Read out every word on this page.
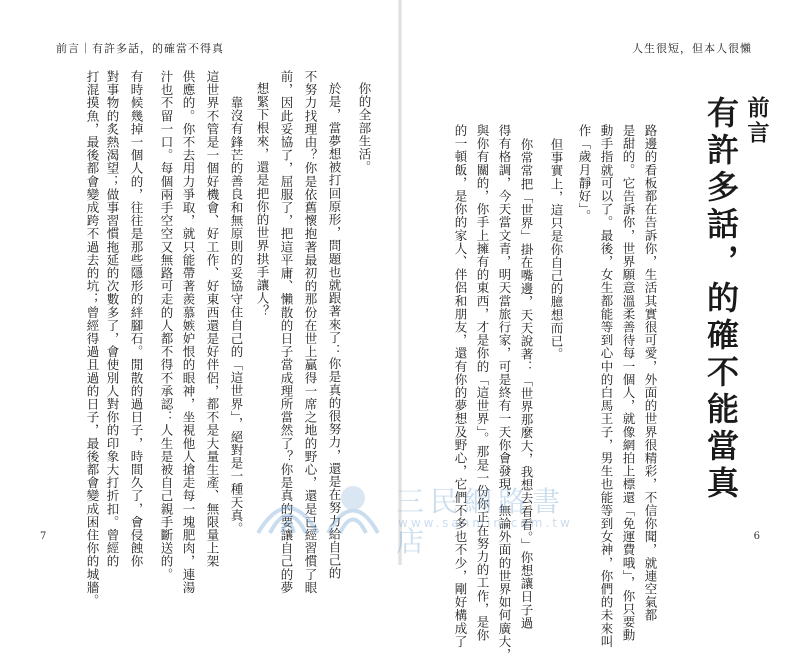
前言｜有許多話，的確當不得真
7	打混摸魚，最後都會變成跨不過去的坑；曾經得過且過的日子，最後都會變成困住你的城牆。 對事物的炙熱渴望；做事習慣拖延的次數多了，會使別人對你的印象大打折扣。曾經的 有時候幾掉一個人的，往往是那些隱形的絆腳石。閒散的過日子，時間久了，會侵蝕你 汁也不留一口。每個兩手空空又無路可走的人都不得不承認：人生是被自己親手斷送的。 供應的。你不去用力爭取，就只能帶著羨慕嫉妒恨的眼神，坐視他人搶走每一塊肥肉，連湯 這世界不管是一個好機會、好工作、好東西還是好伴侶，都不是大量生產、無限量上架 靠沒有鋒芒的善良和無原則的妥協守住自己的「這世界」，絕對是一種天真。 想緊下根來，還是把你的世界拱手讓人？ 前，因此妥協了，屈服了，把這平庸、懶散的日子當成理所當然了？你是真的要讓自己的夢 不努力找理由？你是依舊懷抱著最初的那份在世上贏得一席之地的野心，還是已經習慣了眼 於是，當夢想被打回原形，問題也就跟著來了：你是真的很努力，還是在努力給自己的 你的全部生活。
人生很短，但本人很懶
6
前言
有許多話，的確不能當真
路邊的看板都在告訴你，生活其實很可愛，外面的世界很精彩，不信你聞，就連空氣都
是甜的。它告訴你，世界願意溫柔善待每一個人，就像網拍上標還「免運費哦」，你只要動
動手指就可以了。最後，女生都能等到心中的白馬王子，男生也能等到女神，你們的未來叫
作「歲月靜好」。
但事實上，這只是你自己的臆想而已。
你常常把「世界」掛在嘴邊，天天說著：「世界那麼大，我想去看看。」你想讓日子過
得有格調，今天當文青，明天當旅行家，可是終有一天你會發現，無論外面的世界如何廣大，
與你有關的，你手上擁有的東西，才是你的「這世界」。那是一份你正在努力的工作，是你
的一頓飯，是你的家人、伴侶和朋友，還有你的夢想及野心，它們不多也不少，剛好構成了
三民網路書店
www.sanmin.com.tw
